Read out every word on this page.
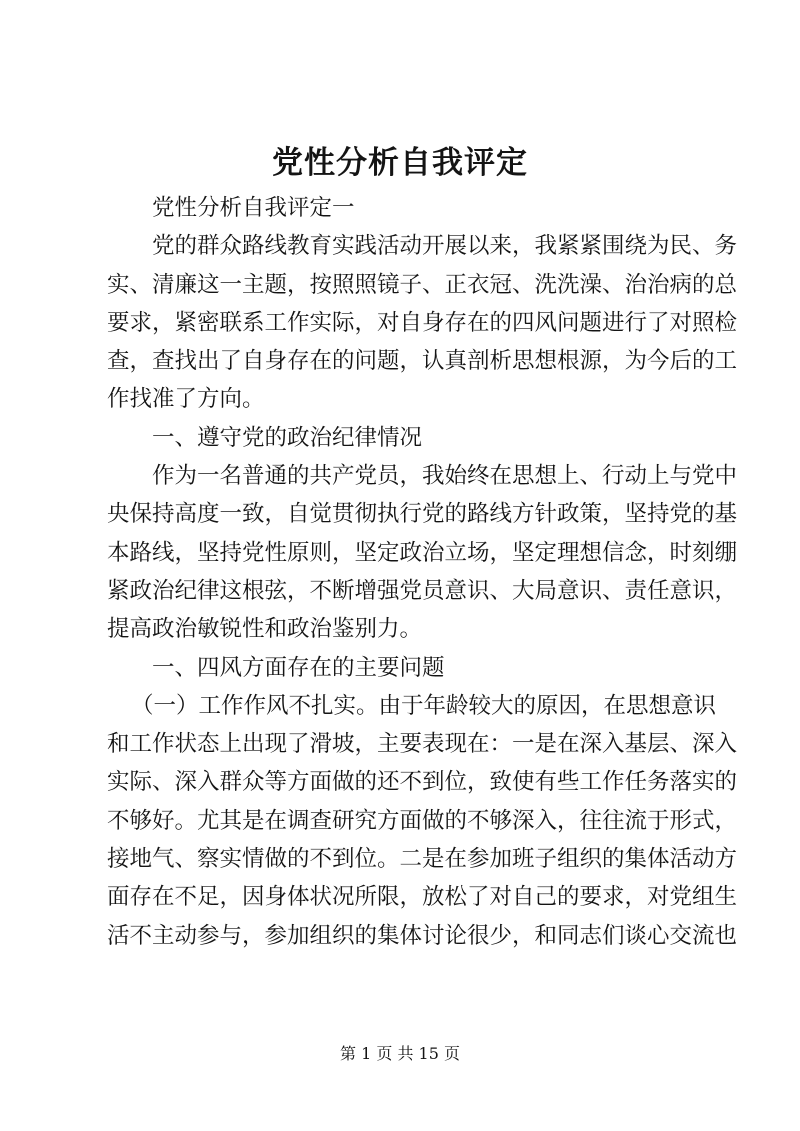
党性分析自我评定
党性分析自我评定一
党的群众路线教育实践活动开展以来，我紧紧围绕为民、务
实、清廉这一主题，按照照镜子、正衣冠、洗洗澡、治治病的总
要求，紧密联系工作实际，对自身存在的四风问题进行了对照检
查，查找出了自身存在的问题，认真剖析思想根源，为今后的工
作找准了方向。
一、遵守党的政治纪律情况
作为一名普通的共产党员，我始终在思想上、行动上与党中
央保持高度一致，自觉贯彻执行党的路线方针政策，坚持党的基
本路线，坚持党性原则，坚定政治立场，坚定理想信念，时刻绷
紧政治纪律这根弦，不断增强党员意识、大局意识、责任意识，
提高政治敏锐性和政治鉴别力。
一、四风方面存在的主要问题
（一）工作作风不扎实。由于年龄较大的原因，在思想意识
和工作状态上出现了滑坡，主要表现在：一是在深入基层、深入
实际、深入群众等方面做的还不到位，致使有些工作任务落实的
不够好。尤其是在调查研究方面做的不够深入，往往流于形式，
接地气、察实情做的不到位。二是在参加班子组织的集体活动方
面存在不足，因身体状况所限，放松了对自己的要求，对党组生
活不主动参与，参加组织的集体讨论很少，和同志们谈心交流也
第 1 页 共 15 页
